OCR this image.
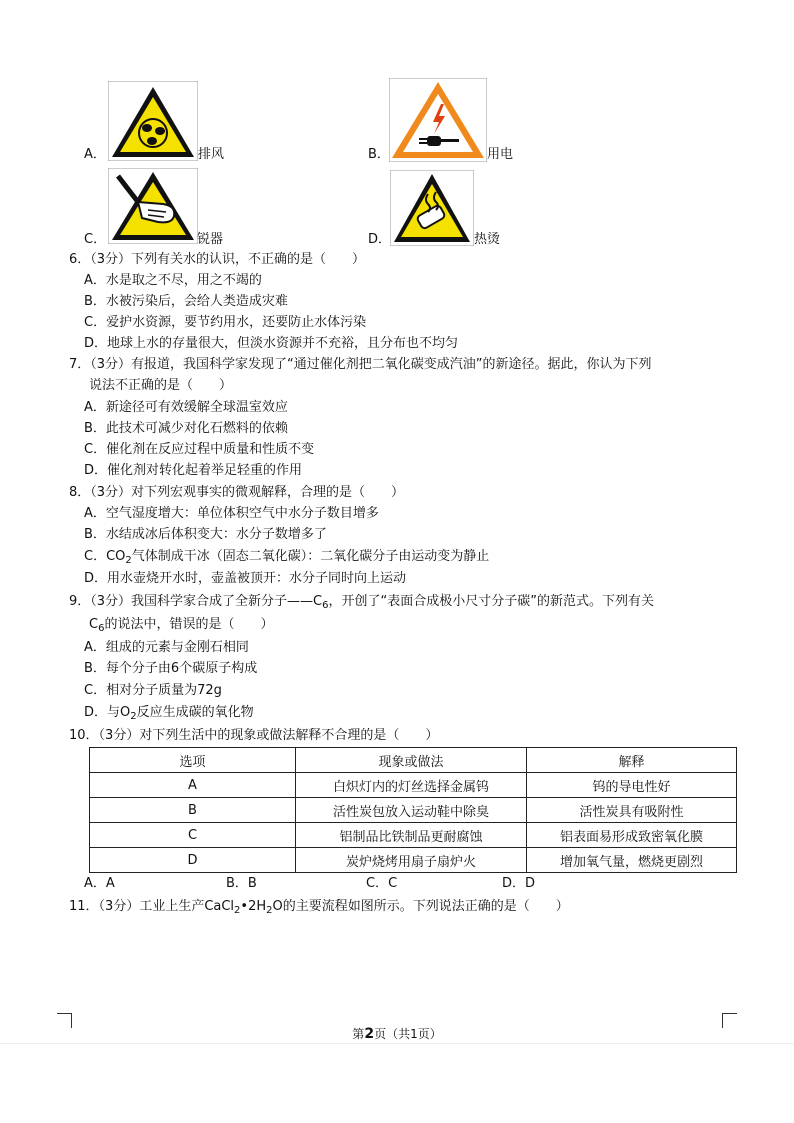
A．	排风	B．	用电
C．	锐器	D．	热烫
6．（3分）下列有关水的认识，不正确的是（　　）
A．水是取之不尽，用之不竭的
B．水被污染后，会给人类造成灾难
C．爱护水资源，要节约用水，还要防止水体污染
D．地球上水的存量很大，但淡水资源并不充裕，且分布也不均匀
7．（3分）有报道，我国科学家发现了“通过催化剂把二氧化碳变成汽油”的新途径。据此，你认为下列
说法不正确的是（　　）
A．新途径可有效缓解全球温室效应
B．此技术可减少对化石燃料的依赖
C．催化剂在反应过程中质量和性质不变
D．催化剂对转化起着举足轻重的作用
8．（3分）对下列宏观事实的微观解释，合理的是（　　）
A．空气湿度增大：单位体积空气中水分子数目增多
B．水结成冰后体积变大：水分子数增多了
C．$CO_2$气体制成干冰（固态二氧化碳）：二氧化碳分子由运动变为静止
D．用水壶烧开水时，壶盖被顶开：水分子同时向上运动
9．（3分）我国科学家合成了全新分子$——C_6$，开创了“表面合成极小尺寸分子碳”的新范式。下列有关
$C_6$的说法中，错误的是（　　）
A．组成的元素与金刚石相同
B．每个分子由6个碳原子构成
C．相对分子质量为72g
D．与$O_2$反应生成碳的氧化物
10．（3分）对下列生活中的现象或做法解释不合理的是（　　）
选项	现象或做法	解释
A	白炽灯内的灯丝选择金属钨	钨的导电性好
B	活性炭包放入运动鞋中除臭	活性炭具有吸附性
C	铝制品比铁制品更耐腐蚀	铝表面易形成致密氧化膜
D	炭炉烧烤用扇子扇炉火	增加氧气量，燃烧更剧烈
A．A	B．B	C．C	D．D
11．（3分）工业上生产$CaCl_2•2H_2O$的主要流程如图所示。下列说法正确的是（　　）
第2页（共1页）
